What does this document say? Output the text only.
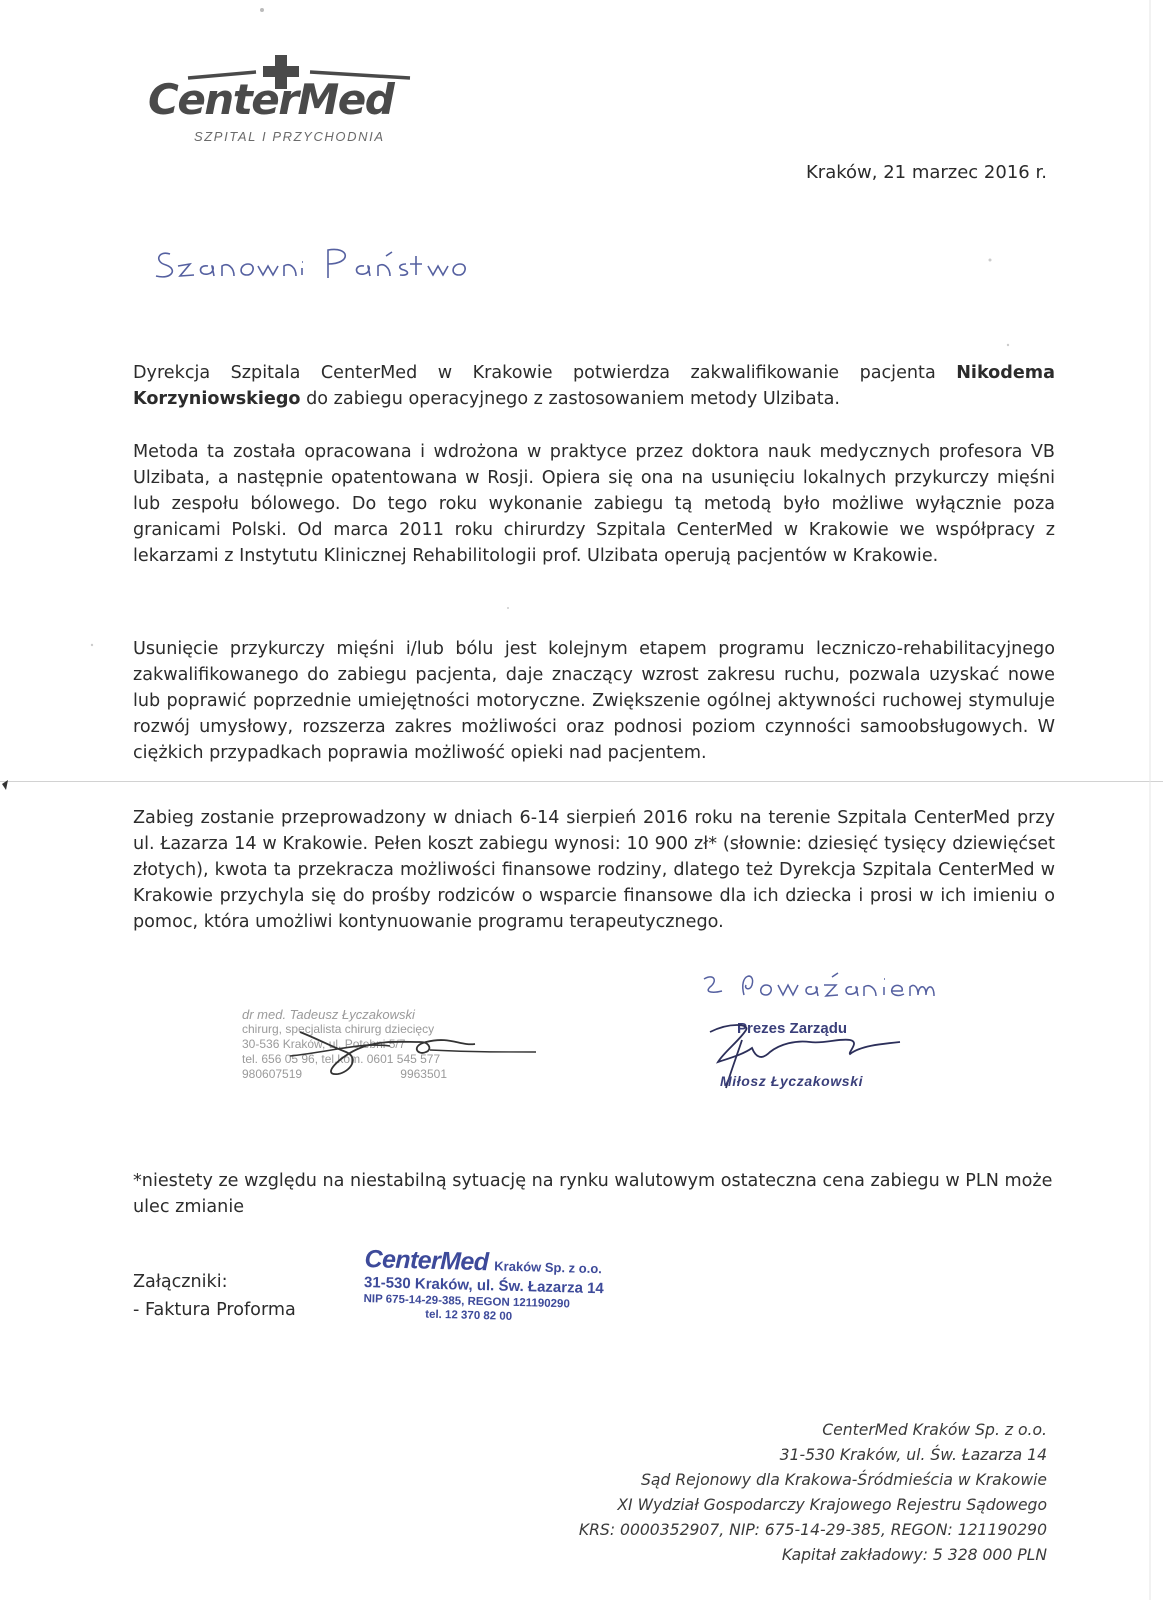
CenterMed
SZPITAL I PRZYCHODNIA
Kraków, 21 marzec 2016 r.
Dyrekcja Szpitala CenterMed w Krakowie potwierdza zakwalifikowanie pacjenta Nikodema Korzyniowskiego do zabiegu operacyjnego z zastosowaniem metody Ulzibata.
Metoda ta została opracowana i wdrożona w praktyce przez doktora nauk medycznych profesora VB Ulzibata, a następnie opatentowana w Rosji. Opiera się ona na usunięciu lokalnych przykurczy mięśni lub zespołu bólowego. Do tego roku wykonanie zabiegu tą metodą było możliwe wyłącznie poza granicami Polski. Od marca 2011 roku chirurdzy Szpitala CenterMed w Krakowie we współpracy z lekarzami z Instytutu Klinicznej Rehabilitologii prof. Ulzibata operują pacjentów w Krakowie.
Usunięcie przykurczy mięśni i/lub bólu jest kolejnym etapem programu leczniczo-rehabilitacyjnego zakwalifikowanego do zabiegu pacjenta, daje znaczący wzrost zakresu ruchu, pozwala uzyskać nowe lub poprawić poprzednie umiejętności motoryczne. Zwiększenie ogólnej aktywności ruchowej stymuluje rozwój umysłowy, rozszerza zakres możliwości oraz podnosi poziom czynności samoobsługowych. W ciężkich przypadkach poprawia możliwość opieki nad pacjentem.
Zabieg zostanie przeprowadzony w dniach 6-14 sierpień 2016 roku na terenie Szpitala CenterMed przy ul. Łazarza 14 w Krakowie. Pełen koszt zabiegu wynosi: 10 900 zł* (słownie: dziesięć tysięcy dziewięćset złotych), kwota ta przekracza możliwości finansowe rodziny, dlatego też Dyrekcja Szpitala CenterMed w Krakowie przychyla się do prośby rodziców o wsparcie finansowe dla ich dziecka i prosi w ich imieniu o pomoc, która umożliwi kontynuowanie programu terapeutycznego.
dr med. Tadeusz Łyczakowski
chirurg, specjalista chirurg dziecięcy
30-536 Kraków, ul. Potebni 5/7
tel. 656 05 96, tel.kom. 0601 545 577
980607519	9963501
Prezes Zarządu
Miłosz Łyczakowski
*niestety ze względu na niestabilną sytuację na rynku walutowym ostateczna cena zabiegu w PLN może ulec zmianie
Załączniki:
- Faktura Proforma
CenterMed Kraków Sp. z o.o.
31-530 Kraków, ul. Św. Łazarza 14
NIP 675-14-29-385, REGON 121190290
tel. 12 370 82 00
CenterMed Kraków Sp. z o.o.
31-530 Kraków, ul. Św. Łazarza 14
Sąd Rejonowy dla Krakowa-Śródmieścia w Krakowie
XI Wydział Gospodarczy Krajowego Rejestru Sądowego
KRS: 0000352907, NIP: 675-14-29-385, REGON: 121190290
Kapitał zakładowy: 5 328 000 PLN
